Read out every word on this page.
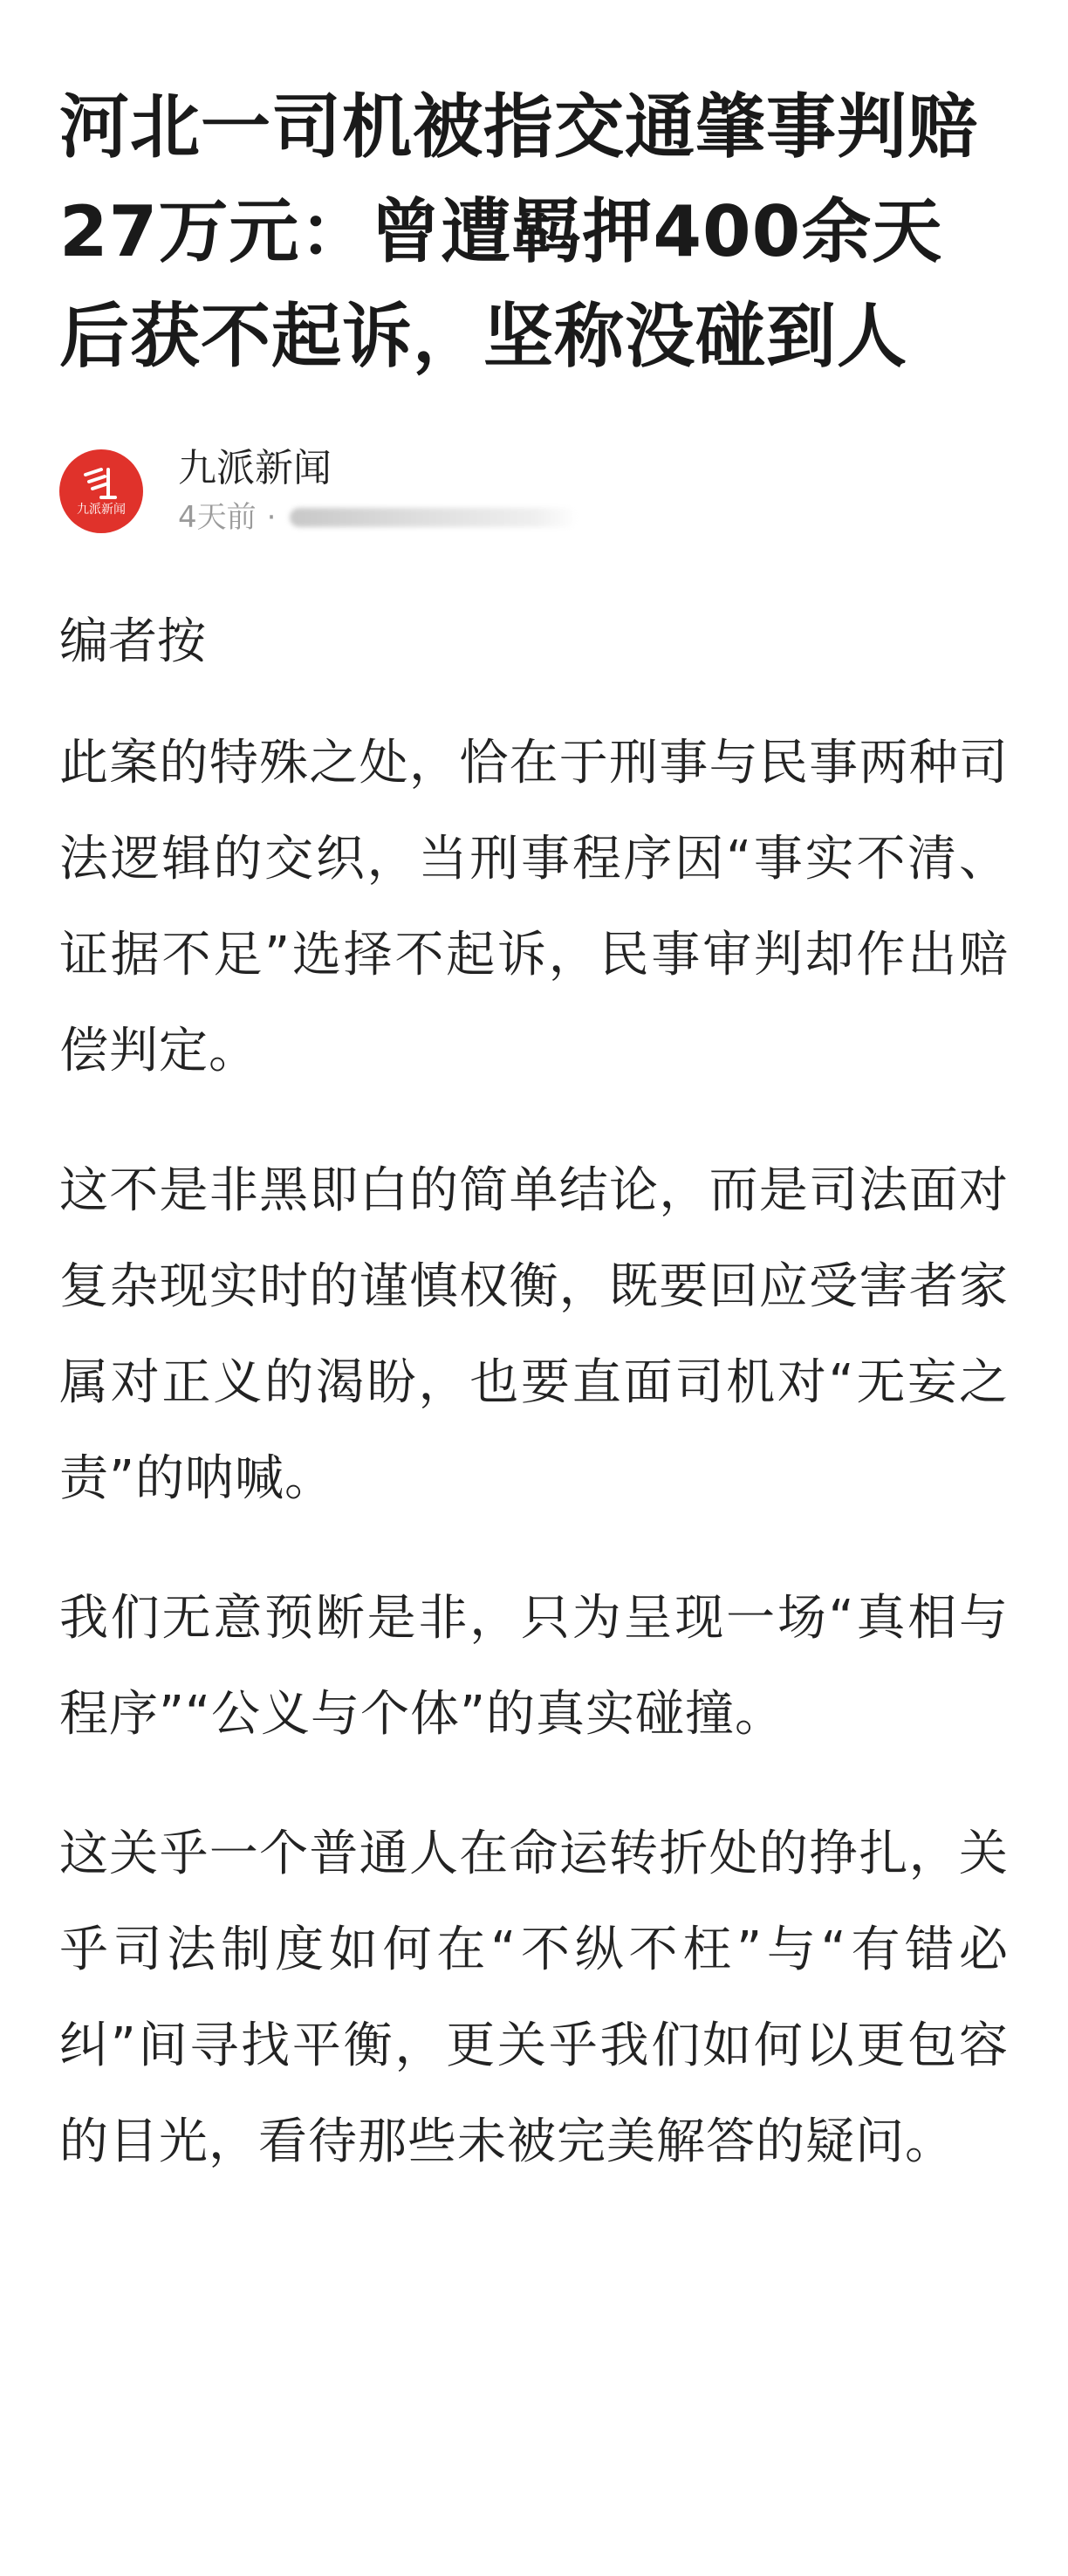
河北一司机被指交通肇事判赔27万元：曾遭羁押400余天后获不起诉，坚称没碰到人
九派新闻
九派新闻
4天前 ·
编者按

此案的特殊之处，恰在于刑事与民事两种司法逻辑的交织，当刑事程序因“事实不清、证据不足”选择不起诉，民事审判却作出赔偿判定。

这不是非黑即白的简单结论，而是司法面对复杂现实时的谨慎权衡，既要回应受害者家属对正义的渴盼，也要直面司机对“无妄之责”的呐喊。

我们无意预断是非，只为呈现一场“真相与程序”“公义与个体”的真实碰撞。

这关乎一个普通人在命运转折处的挣扎，关乎司法制度如何在“不纵不枉”与“有错必纠”间寻找平衡，更关乎我们如何以更包容的目光，看待那些未被完美解答的疑问。
